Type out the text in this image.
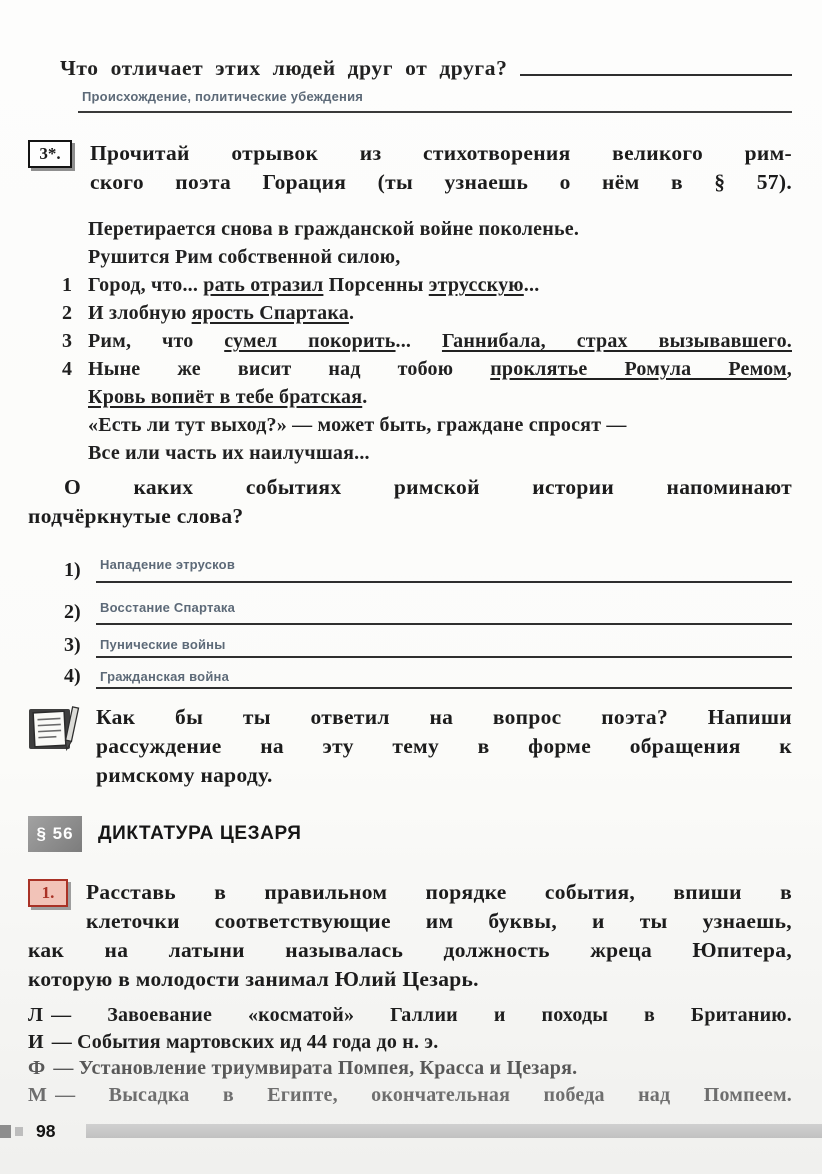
Что отличает этих людей друг от друга?
Происхождение, политические убеждения
3*.	Прочитай отрывок из стихотворения великого рим-
ского поэта Горация (ты узнаешь о нём в § 57).
Перетирается снова в гражданской войне поколенье.
Рушится Рим собственной силою,
1 Город, что... рать отразил Порсенны этрусскую...
2 И злобную ярость Спартака.
3 Рим, что сумел покорить... Ганнибала, страх вызывавшего.
4 Ныне же висит над тобою проклятье Ромула Ремом,
Кровь вопиёт в тебе братская.
«Есть ли тут выход?» — может быть, граждане спросят —
Все или часть их наилучшая...
О каких событиях римской истории напоминают
подчёркнутые слова?
1)	Нападение этрусков
2)	Восстание Спартака
3)	Пунические войны
4)	Гражданская война
Как бы ты ответил на вопрос поэта? Напиши
рассуждение на эту тему в форме обращения к
римскому народу.
§ 56	ДИКТАТУРА ЦЕЗАРЯ
1.	Расставь в правильном порядке события, впиши в
клеточки соответствующие им буквы, и ты узнаешь,
как на латыни называлась должность жреца Юпитера,
которую в молодости занимал Юлий Цезарь.
Л — Завоевание «косматой» Галлии и походы в Британию.
И — События мартовских ид 44 года до н. э.
Ф — Установление триумвирата Помпея, Красса и Цезаря.
М — Высадка в Египте, окончательная победа над Помпеем.
98
